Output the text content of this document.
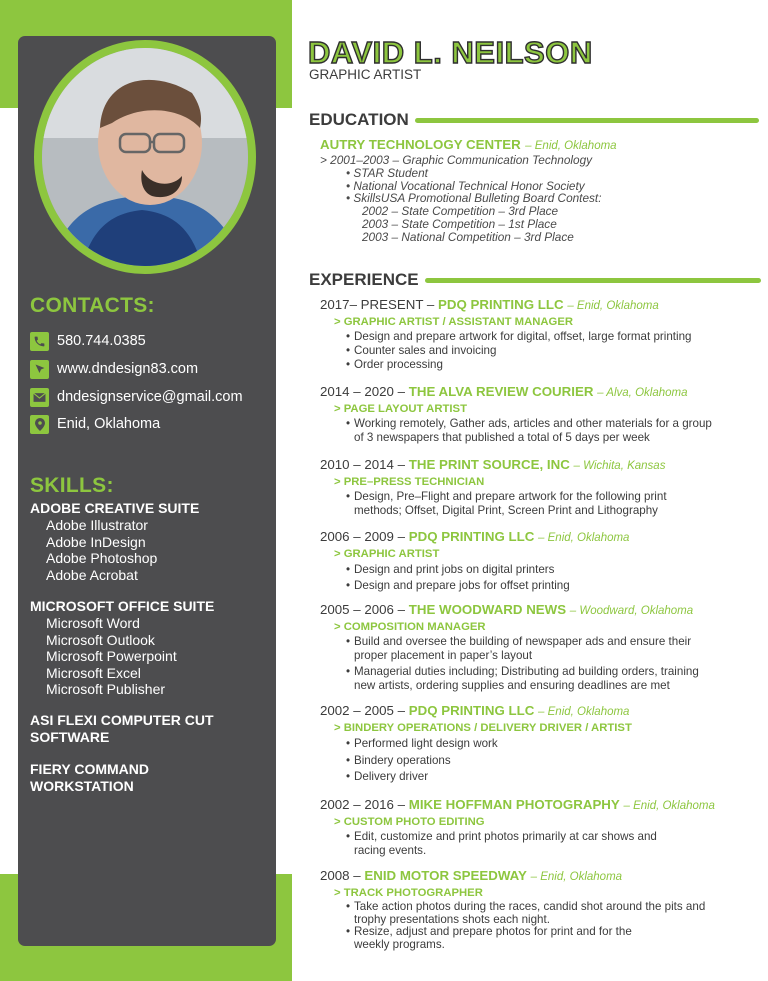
CONTACTS:
580.744.0385
www.dndesign83.com
dndesignservice@gmail.com
Enid, Oklahoma
SKILLS:
ADOBE CREATIVE SUITE
Adobe Illustrator
Adobe InDesign
Adobe Photoshop
Adobe Acrobat
MICROSOFT OFFICE SUITE
Microsoft Word
Microsoft Outlook
Microsoft Powerpoint
Microsoft Excel
Microsoft Publisher
ASI FLEXI COMPUTER CUT SOFTWARE
FIERY COMMAND WORKSTATION
DAVID L. NEILSON
GRAPHIC ARTIST
EDUCATION
AUTRY TECHNOLOGY CENTER – Enid, Oklahoma
> 2001–2003 – Graphic Communication Technology
• STAR Student
• National Vocational Technical Honor Society
• SkillsUSA Promotional Bulleting Board Contest:
2002 – State Competition – 3rd Place
2003 – State Competition – 1st Place
2003 – National Competition – 3rd Place
EXPERIENCE
2017– PRESENT – PDQ PRINTING LLC – Enid, Oklahoma
> GRAPHIC ARTIST / ASSISTANT MANAGER
• Design and prepare artwork for digital, offset, large format printing
• Counter sales and invoicing
• Order processing
2014 – 2020 – THE ALVA REVIEW COURIER – Alva, Oklahoma
> PAGE LAYOUT ARTIST
• Working remotely, Gather ads, articles and other materials for a group
of 3 newspapers that published a total of 5 days per week
2010 – 2014 – THE PRINT SOURCE, INC – Wichita, Kansas
> PRE–PRESS TECHNICIAN
• Design, Pre–Flight and prepare artwork for the following print
methods; Offset, Digital Print, Screen Print and Lithography
2006 – 2009 – PDQ PRINTING LLC – Enid, Oklahoma
> GRAPHIC ARTIST
• Design and print jobs on digital printers
• Design and prepare jobs for offset printing
2005 – 2006 – THE WOODWARD NEWS – Woodward, Oklahoma
> COMPOSITION MANAGER
• Build and oversee the building of newspaper ads and ensure their
proper placement in paper’s layout
• Managerial duties including; Distributing ad building orders, training
new artists, ordering supplies and ensuring deadlines are met
2002 – 2005 – PDQ PRINTING LLC – Enid, Oklahoma
> BINDERY OPERATIONS / DELIVERY DRIVER / ARTIST
• Performed light design work
• Bindery operations
• Delivery driver
2002 – 2016 – MIKE HOFFMAN PHOTOGRAPHY – Enid, Oklahoma
> CUSTOM PHOTO EDITING
• Edit, customize and print photos primarily at car shows and
racing events.
2008 – ENID MOTOR SPEEDWAY – Enid, Oklahoma
> TRACK PHOTOGRAPHER
• Take action photos during the races, candid shot around the pits and
trophy presentations shots each night.
• Resize, adjust and prepare photos for print and for the
weekly programs.
